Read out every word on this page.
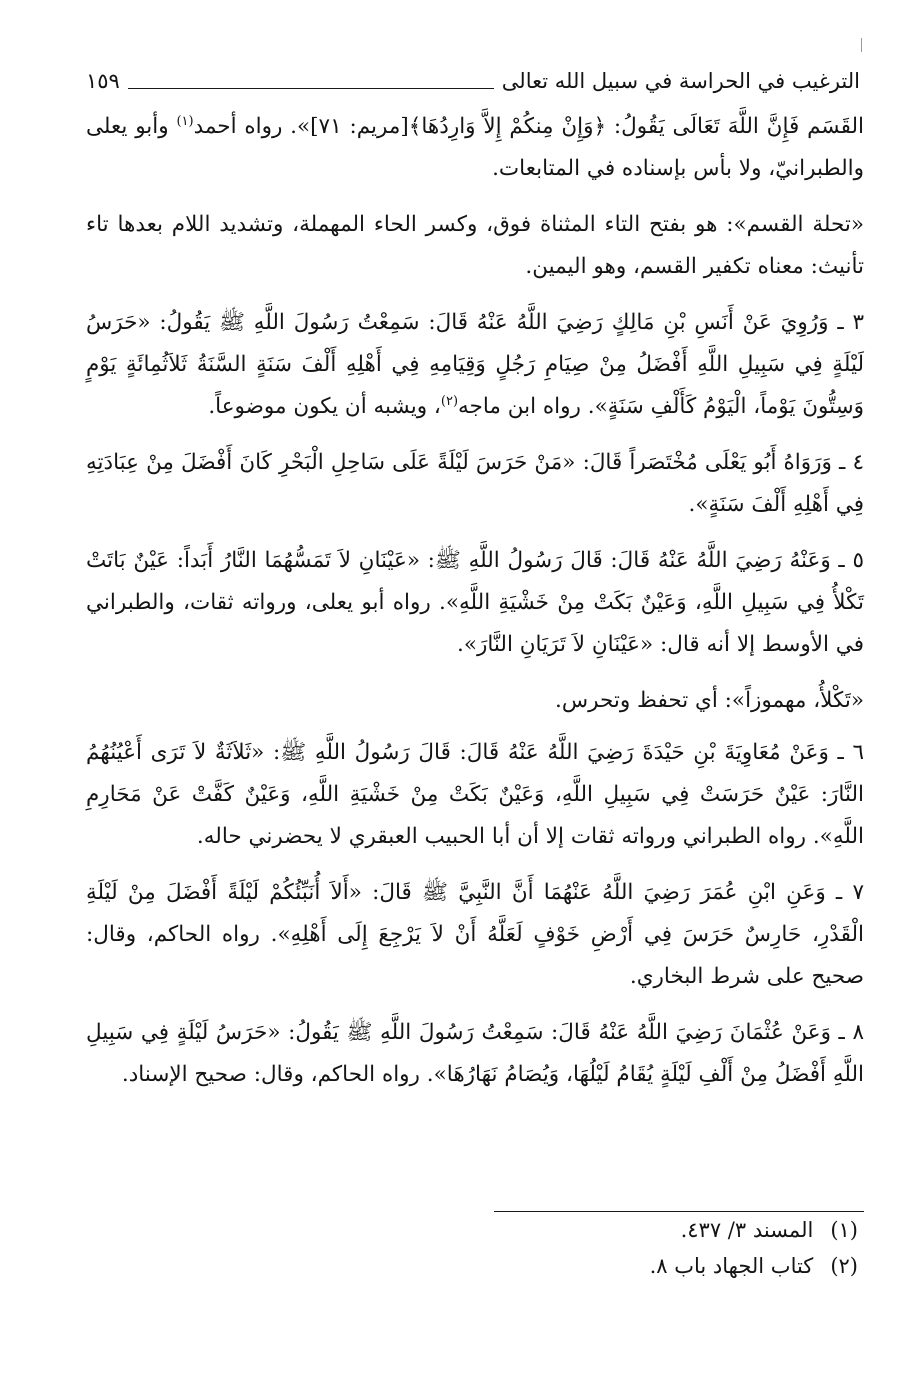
الترغيب في الحراسة في سبيل الله تعالى
١٥٩

القَسَم فَإِنَّ اللَّهَ تَعَالَى يَقُولُ: ﴿وَإِنْ مِنكُمْ إِلاَّ وَارِدُهَا﴾[مريم: ٧١]». رواه أحمد$^{(١)}$ وأبو يعلى والطبرانيّ، ولا بأس بإسناده في المتابعات.

«تحلة القسم»: هو بفتح التاء المثناة فوق، وكسر الحاء المهملة، وتشديد اللام بعدها تاء تأنيث: معناه تكفير القسم، وهو اليمين.

٣ ـ وَرُوِيَ عَنْ أَنَسِ بْنِ مَالِكٍ رَضِيَ اللَّهُ عَنْهُ قَالَ: سَمِعْتُ رَسُولَ اللَّهِ ﷺ يَقُولُ: «حَرَسُ لَيْلَةٍ فِي سَبِيلِ اللَّهِ أَفْضَلُ مِنْ صِيَامِ رَجُلٍ وَقِيَامِهِ فِي أَهْلِهِ أَلْفَ سَنَةٍ السَّنَةُ ثَلاَثُمِائَةٍ يَوْمٍ وَسِتُّونَ يَوْماً، الْيَوْمُ كَأَلْفِ سَنَةٍ». رواه ابن ماجه$^{(٢)}$، ويشبه أن يكون موضوعاً.

٤ ـ وَرَوَاهُ أَبُو يَعْلَى مُخْتَصَراً قَالَ: «مَنْ حَرَسَ لَيْلَةً عَلَى سَاحِلِ الْبَحْرِ كَانَ أَفْضَلَ مِنْ عِبَادَتِهِ فِي أَهْلِهِ أَلْفَ سَنَةٍ».

٥ ـ وَعَنْهُ رَضِيَ اللَّهُ عَنْهُ قَالَ: قَالَ رَسُولُ اللَّهِ ﷺ: «عَيْنَانِ لاَ تَمَسُّهُمَا النَّارُ أَبَداً: عَيْنٌ بَاتَتْ تَكْلأُ فِي سَبِيلِ اللَّهِ، وَعَيْنٌ بَكَتْ مِنْ خَشْيَةِ اللَّهِ». رواه أبو يعلى، ورواته ثقات، والطبراني في الأوسط إلا أنه قال: «عَيْنَانِ لاَ تَرَيَانِ النَّارَ».

«تَكْلأُ، مهموزاً»: أي تحفظ وتحرس.

٦ ـ وَعَنْ مُعَاوِيَةَ بْنِ حَيْدَةَ رَضِيَ اللَّهُ عَنْهُ قَالَ: قَالَ رَسُولُ اللَّهِ ﷺ: «ثَلاَثَةٌ لاَ تَرَى أَعْيُنُهُمُ النَّارَ: عَيْنٌ حَرَسَتْ فِي سَبِيلِ اللَّهِ، وَعَيْنٌ بَكَتْ مِنْ خَشْيَةِ اللَّهِ، وَعَيْنٌ كَفَّتْ عَنْ مَحَارِمِ اللَّهِ». رواه الطبراني ورواته ثقات إلا أن أبا الحبيب العبقري لا يحضرني حاله.

٧ ـ وَعَنِ ابْنِ عُمَرَ رَضِيَ اللَّهُ عَنْهُمَا أَنَّ النَّبِيَّ ﷺ قَالَ: «أَلاَ أُنَبِّئُكُمْ لَيْلَةً أَفْضَلَ مِنْ لَيْلَةِ الْقَدْرِ، حَارِسٌ حَرَسَ فِي أَرْضِ خَوْفٍ لَعَلَّهُ أَنْ لاَ يَرْجِعَ إِلَى أَهْلِهِ». رواه الحاكم، وقال: صحيح على شرط البخاري.

٨ ـ وَعَنْ عُثْمَانَ رَضِيَ اللَّهُ عَنْهُ قَالَ: سَمِعْتُ رَسُولَ اللَّهِ ﷺ يَقُولُ: «حَرَسُ لَيْلَةٍ فِي سَبِيلِ اللَّهِ أَفْضَلُ مِنْ أَلْفِ لَيْلَةٍ يُقَامُ لَيْلُهَا، وَيُصَامُ نَهَارُهَا». رواه الحاكم، وقال: صحيح الإسناد.

(١) المسند ٣/ ٤٣٧.
(٢) كتاب الجهاد باب ٨.
